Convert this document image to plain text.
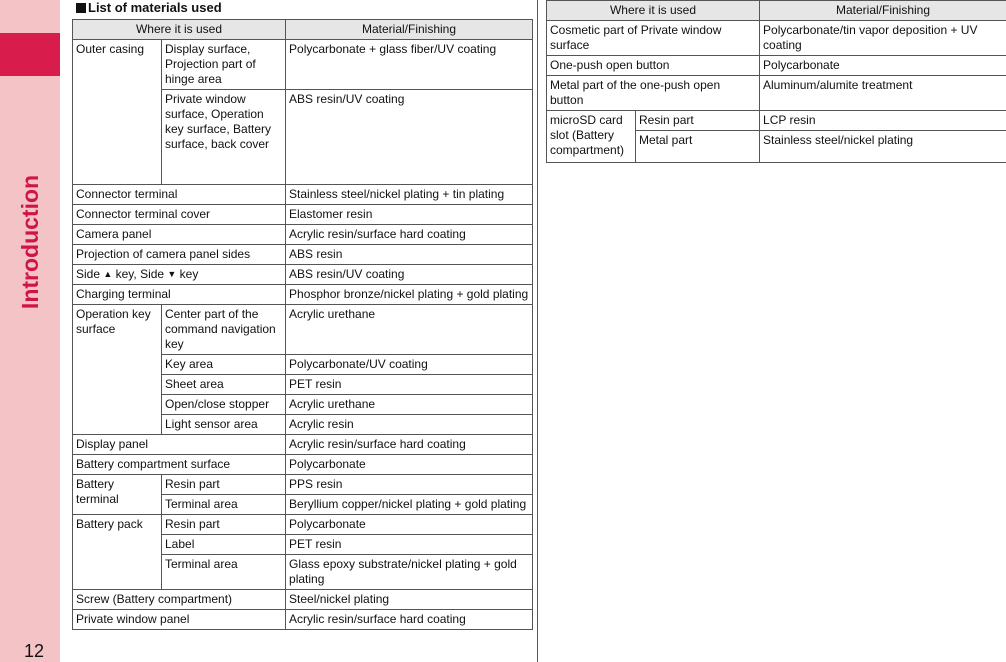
Introduction
12
List of materials used
Where it is used		Material/Finishing
Outer casing	Display surface, Projection part of hinge area	Polycarbonate + glass fiber/UV coating
	Private window surface, Operation key surface, Battery surface, back cover	ABS resin/UV coating
Connector terminal		Stainless steel/nickel plating + tin plating
Connector terminal cover		Elastomer resin
Camera panel		Acrylic resin/surface hard coating
Projection of camera panel sides		ABS resin
Side ▲ key, Side ▼ key		ABS resin/UV coating
Charging terminal		Phosphor bronze/nickel plating + gold plating
Operation key surface	Center part of the command navigation key	Acrylic urethane
	Key area	Polycarbonate/UV coating
	Sheet area	PET resin
	Open/close stopper	Acrylic urethane
	Light sensor area	Acrylic resin
Display panel		Acrylic resin/surface hard coating
Battery compartment surface		Polycarbonate
Battery terminal	Resin part	PPS resin
	Terminal area	Beryllium copper/nickel plating + gold plating
Battery pack	Resin part	Polycarbonate
	Label	PET resin
	Terminal area	Glass epoxy substrate/nickel plating + gold plating
Screw (Battery compartment)		Steel/nickel plating
Private window panel		Acrylic resin/surface hard coating
Where it is used		Material/Finishing
Cosmetic part of Private window surface		Polycarbonate/tin vapor deposition + UV coating
One-push open button		Polycarbonate
Metal part of the one-push open button		Aluminum/alumite treatment
microSD card slot (Battery compartment)	Resin part	LCP resin
	Metal part	Stainless steel/nickel plating
